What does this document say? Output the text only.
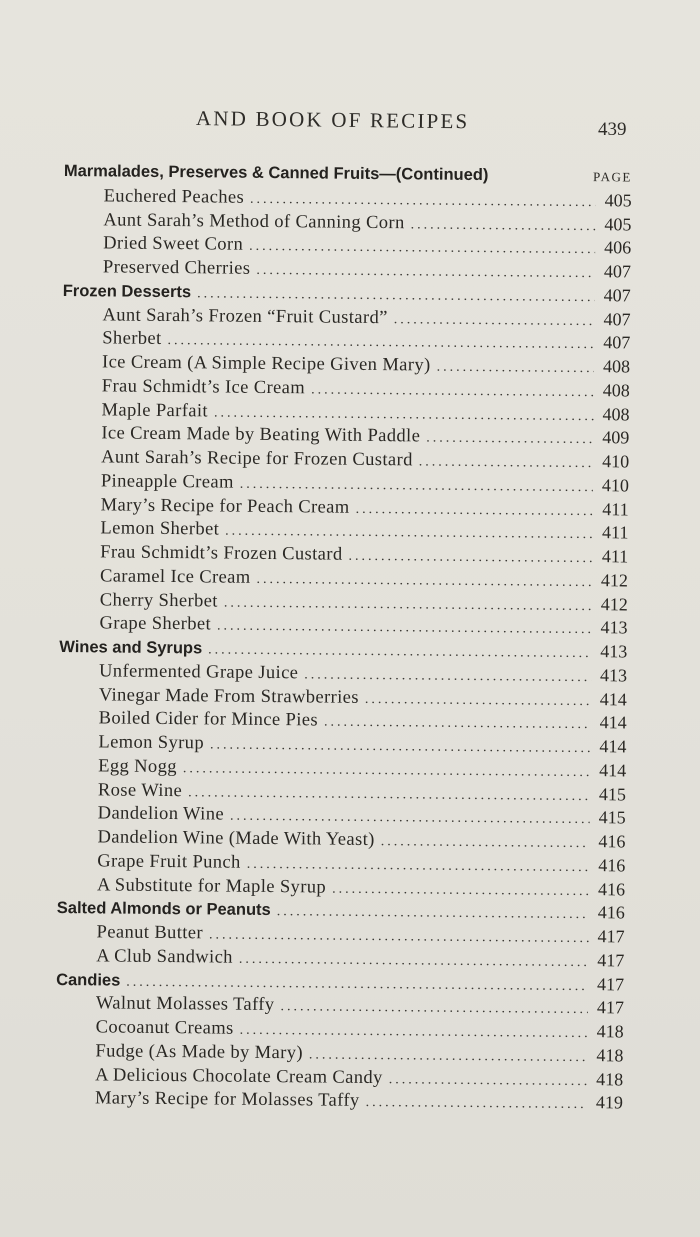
AND BOOK OF RECIPES	439
Marmalades, Preserves & Canned Fruits—(Continued)	PAGE
Euchered Peaches .....	405
Aunt Sarah’s Method of Canning Corn .....	405
Dried Sweet Corn .....	406
Preserved Cherries .....	407
Frozen Desserts .....	407
Aunt Sarah’s Frozen “Fruit Custard” .....	407
Sherbet .....	407
Ice Cream (A Simple Recipe Given Mary) .....	408
Frau Schmidt’s Ice Cream .....	408
Maple Parfait .....	408
Ice Cream Made by Beating With Paddle .....	409
Aunt Sarah’s Recipe for Frozen Custard .....	410
Pineapple Cream .....	410
Mary’s Recipe for Peach Cream .....	411
Lemon Sherbet .....	411
Frau Schmidt’s Frozen Custard .....	411
Caramel Ice Cream .....	412
Cherry Sherbet .....	412
Grape Sherbet .....	413
Wines and Syrups .....	413
Unfermented Grape Juice .....	413
Vinegar Made From Strawberries .....	414
Boiled Cider for Mince Pies .....	414
Lemon Syrup .....	414
Egg Nogg .....	414
Rose Wine .....	415
Dandelion Wine .....	415
Dandelion Wine (Made With Yeast) .....	416
Grape Fruit Punch .....	416
A Substitute for Maple Syrup .....	416
Salted Almonds or Peanuts .....	416
Peanut Butter .....	417
A Club Sandwich .....	417
Candies .....	417
Walnut Molasses Taffy .....	417
Cocoanut Creams .....	418
Fudge (As Made by Mary) .....	418
A Delicious Chocolate Cream Candy .....	418
Mary’s Recipe for Molasses Taffy .....	419
